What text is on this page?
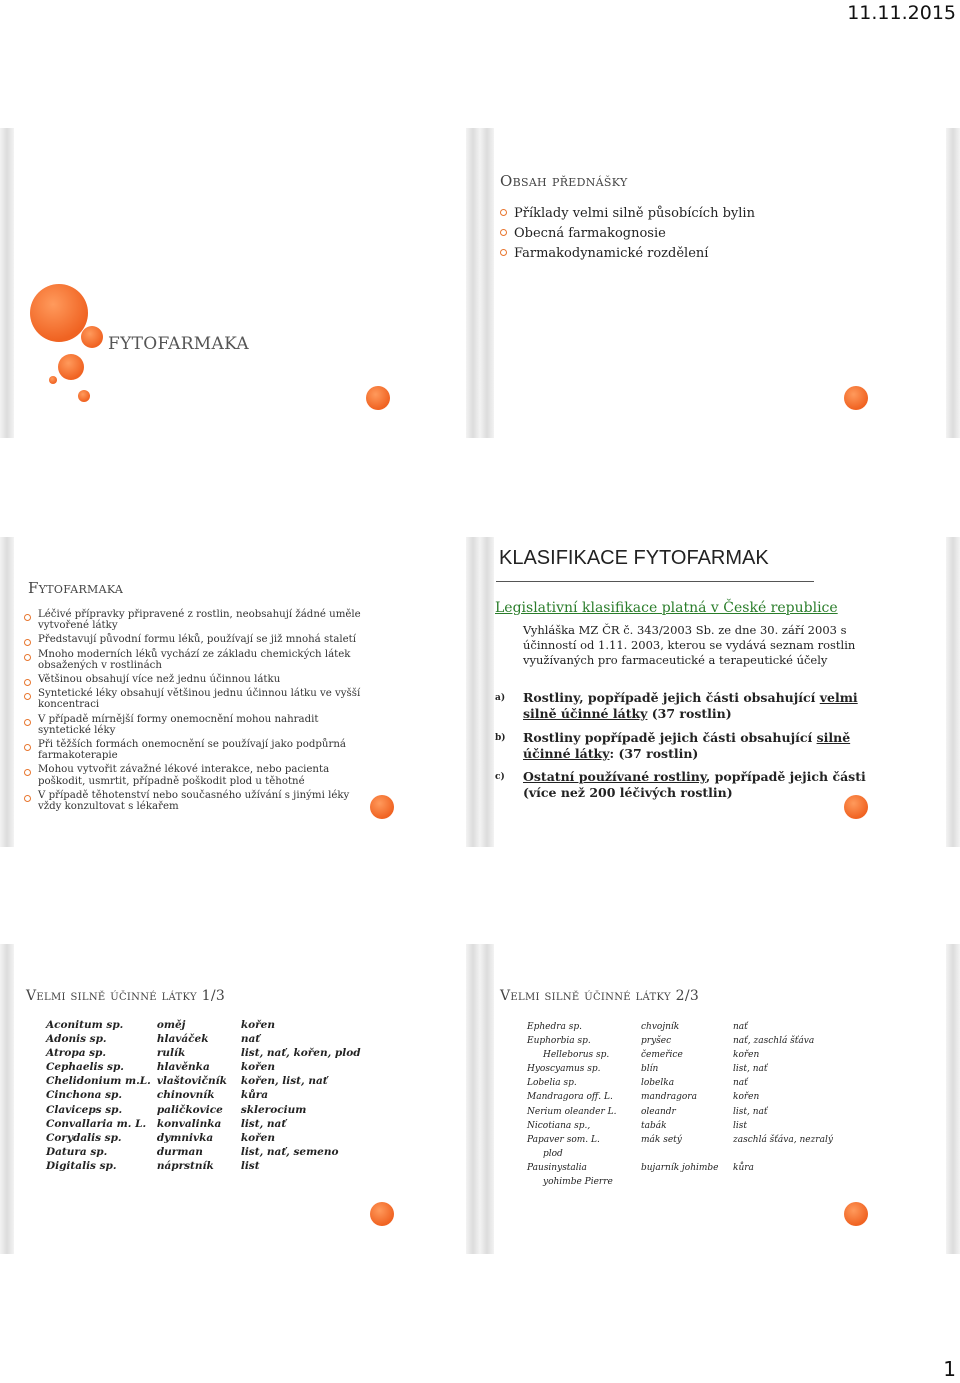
11.11.2015
Obsah přednášky
Příklady velmi silně působících bylin
Obecná farmakognosie
Farmakodynamické rozdělení
FYTOFARMAKA
Fytofarmaka
Léčivé přípravky připravené z rostlin, neobsahují žádné uměle vytvořené látky
Představují původní formu léků, používají se již mnohá staletí
Mnoho moderních léků vychází ze základu chemických látek obsažených v rostlinách
Většinou obsahují více než jednu účinnou látku
Syntetické léky obsahují většinou jednu účinnou látku ve vyšší koncentraci
V případě mírnější formy onemocnění mohou nahradit syntetické léky
Při těžších formách onemocnění se používají jako podpůrná farmakoterapie
Mohou vytvořit závažné lékové interakce, nebo pacienta poškodit, usmrtit, případně poškodit plod u těhotné
V případě těhotenství nebo současného užívání s jinými léky vždy konzultovat s lékařem
KLASIFIKACE FYTOFARMAK
Legislativní klasifikace platná v České republice
Vyhláška MZ ČR č. 343/2003 Sb. ze dne 30. září 2003 s účinností od 1.11. 2003, kterou se vydává seznam rostlin využívaných pro farmaceutické a terapeutické účely
a) Rostliny, popřípadě jejich části obsahující velmi silně účinné látky (37 rostlin)
b) Rostliny popřípadě jejich části obsahující silně účinné látky: (37 rostlin)
c) Ostatní používané rostliny, popřípadě jejich části (více než 200 léčivých rostlin)
Velmi silně účinné látky 1/3
Aconitum sp.	oměj	kořen
Adonis sp.	hlaváček	nať
Atropa sp.	rulík	list, nať, kořen, plod
Cephaelis sp.	hlavěnka	kořen
Chelidonium m.L.	vlaštovičník	kořen, list, nať
Cinchona sp.	chinovník	kůra
Claviceps sp.	paličkovice	sklerocium
Convallaria m. L.	konvalinka	list, nať
Corydalis sp.	dymnivka	kořen
Datura sp.	durman	list, nať, semeno
Digitalis sp.	náprstník	list
Velmi silně účinné látky 2/3
Ephedra sp.	chvojník	nať
Euphorbia sp.	pryšec	nať, zaschlá šťáva
Helleborus sp.	čemeřice	kořen
Hyoscyamus sp.	blín	list, nať
Lobelia sp.	lobelka	nať
Mandragora off. L.	mandragora	kořen
Nerium oleander L.	oleandr	list, nať
Nicotiana sp.,	tabák	list
Papaver som. L.	mák setý	zaschlá šťáva, nezralý
plod		
Pausinystalia	bujarník johimbe	kůra
yohimbe Pierre		
1
